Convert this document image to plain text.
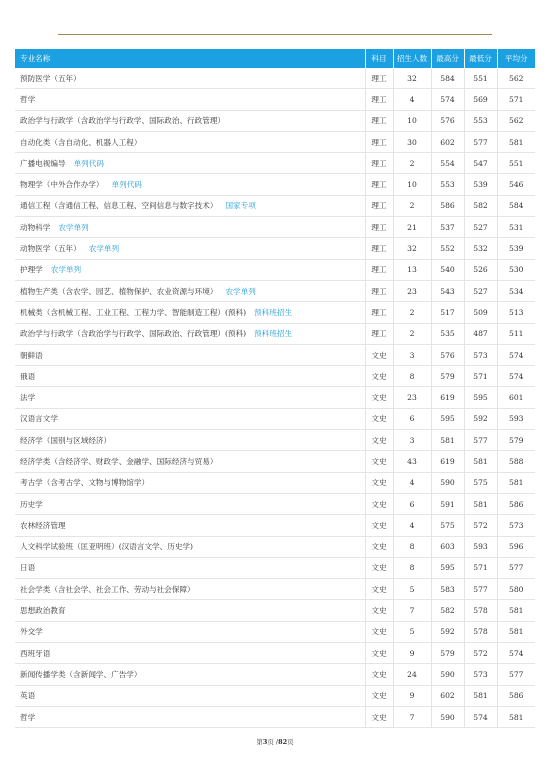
专业名称	科目	招生人数	最高分	最低分	平均分
预防医学（五年）	理工	32	584	551	562
哲学	理工	4	574	569	571
政治学与行政学（含政治学与行政学、国际政治、行政管理）	理工	10	576	553	562
自动化类（含自动化、机器人工程）	理工	30	602	577	581
广播电视编导 单列代码	理工	2	554	547	551
物理学（中外合作办学） 单列代码	理工	10	553	539	546
通信工程（含通信工程、信息工程、空间信息与数字技术） 国家专项	理工	2	586	582	584
动物科学 农学单列	理工	21	537	527	531
动物医学（五年） 农学单列	理工	32	552	532	539
护理学 农学单列	理工	13	540	526	530
植物生产类（含农学、园艺、植物保护、农业资源与环境） 农学单列	理工	23	543	527	534
机械类（含机械工程、工业工程、工程力学、智能制造工程）(预科) 预科班招生	理工	2	517	509	513
政治学与行政学（含政治学与行政学、国际政治、行政管理）(预科) 预科班招生	理工	2	535	487	511
朝鲜语	文史	3	576	573	574
俄语	文史	8	579	571	574
法学	文史	23	619	595	601
汉语言文学	文史	6	595	592	593
经济学（国别与区域经济）	文史	3	581	577	579
经济学类（含经济学、财政学、金融学、国际经济与贸易）	文史	43	619	581	588
考古学（含考古学、文物与博物馆学）	文史	4	590	575	581
历史学	文史	6	591	581	586
农林经济管理	文史	4	575	572	573
人文科学试验班（匡亚明班）(汉语言文学、历史学)	文史	8	603	593	596
日语	文史	8	595	571	577
社会学类（含社会学、社会工作、劳动与社会保障）	文史	5	583	577	580
思想政治教育	文史	7	582	578	581
外交学	文史	5	592	578	581
西班牙语	文史	9	579	572	574
新闻传播学类（含新闻学、广告学）	文史	24	590	573	577
英语	文史	9	602	581	586
哲学	文史	7	590	574	581
第3页 /82页
